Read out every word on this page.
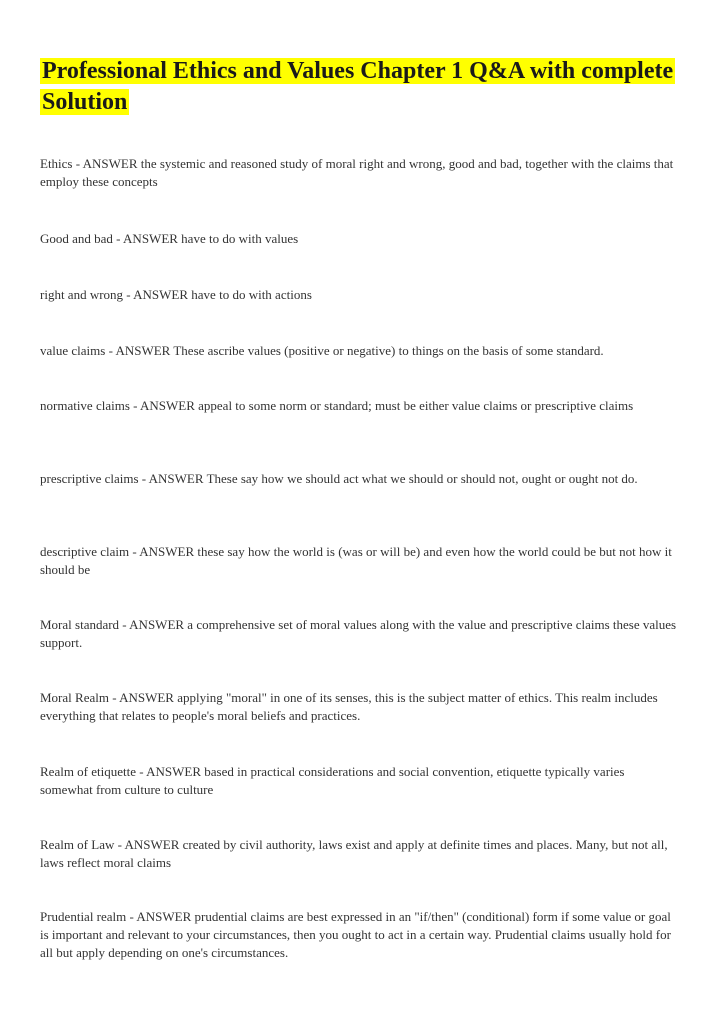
Professional Ethics and Values Chapter 1 Q&A with complete Solution

Ethics - ANSWER the systemic and reasoned study of moral right and wrong, good and bad, together with the claims that employ these concepts

Good and bad - ANSWER have to do with values

right and wrong - ANSWER have to do with actions

value claims - ANSWER These ascribe values (positive or negative) to things on the basis of some standard.

normative claims - ANSWER appeal to some norm or standard; must be either value claims or prescriptive claims

prescriptive claims - ANSWER These say how we should act what we should or should not, ought or ought not do.

descriptive claim - ANSWER these say how the world is (was or will be) and even how the world could be but not how it should be

Moral standard - ANSWER a comprehensive set of moral values along with the value and prescriptive claims these values support.

Moral Realm - ANSWER applying "moral" in one of its senses, this is the subject matter of ethics. This realm includes everything that relates to people's moral beliefs and practices.

Realm of etiquette - ANSWER based in practical considerations and social convention, etiquette typically varies somewhat from culture to culture

Realm of Law - ANSWER created by civil authority, laws exist and apply at definite times and places. Many, but not all, laws reflect moral claims

Prudential realm - ANSWER prudential claims are best expressed in an "if/then" (conditional) form if some value or goal is important and relevant to your circumstances, then you ought to act in a certain way. Prudential claims usually hold for all but apply depending on one's circumstances.
